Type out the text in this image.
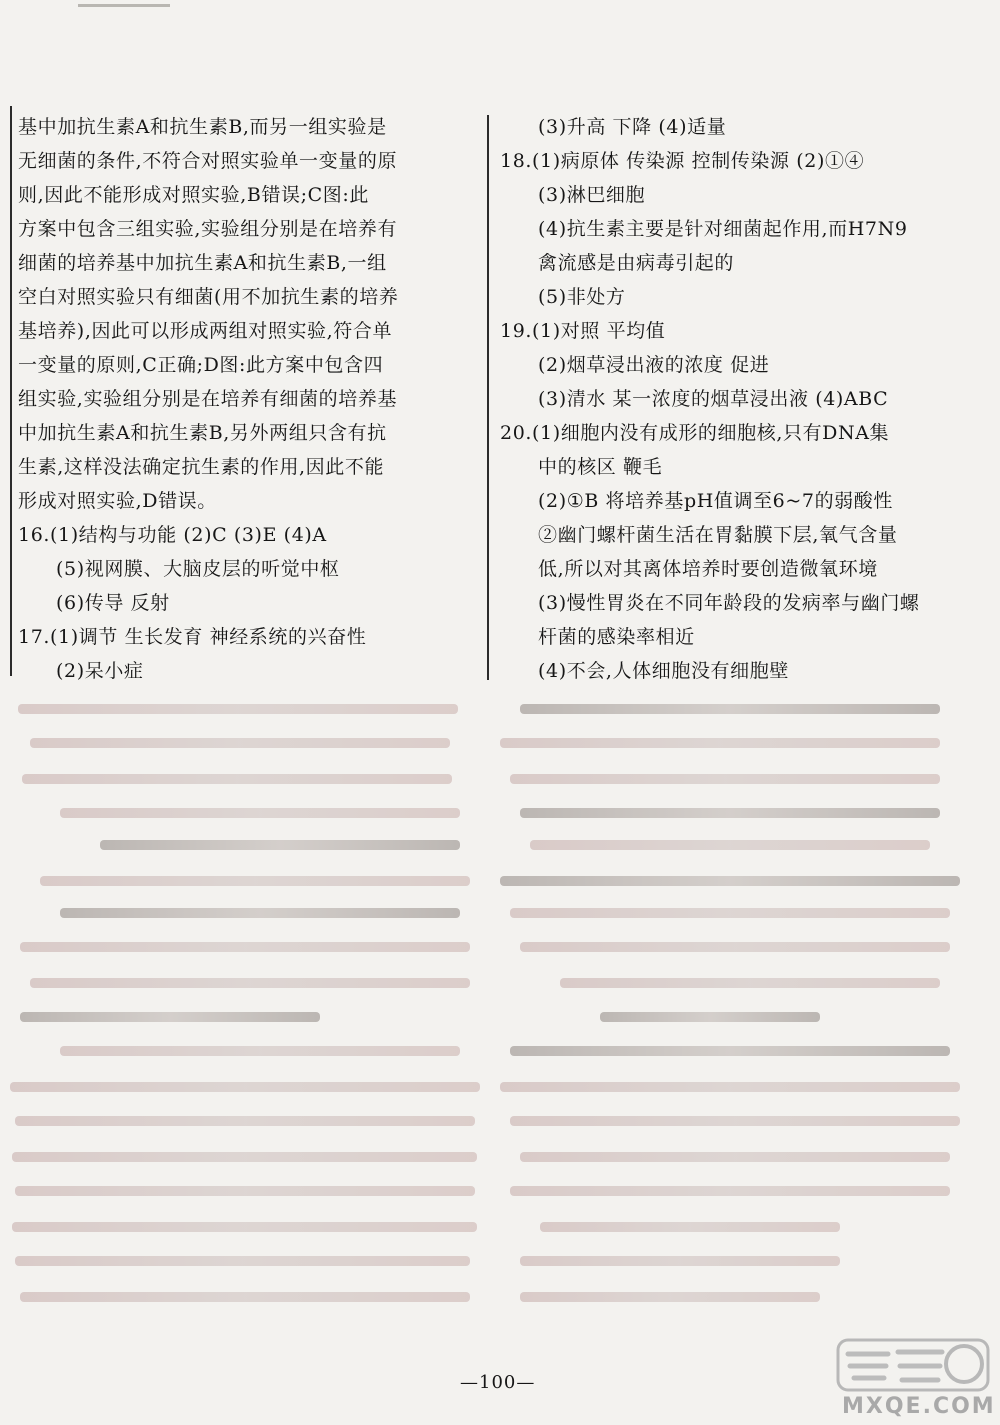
基中加抗生素A和抗生素B,而另一组实验是
无细菌的条件,不符合对照实验单一变量的原
则,因此不能形成对照实验,B错误;C图:此
方案中包含三组实验,实验组分别是在培养有
细菌的培养基中加抗生素A和抗生素B,一组
空白对照实验只有细菌(用不加抗生素的培养
基培养),因此可以形成两组对照实验,符合单
一变量的原则,C正确;D图:此方案中包含四
组实验,实验组分别是在培养有细菌的培养基
中加抗生素A和抗生素B,另外两组只含有抗
生素,这样没法确定抗生素的作用,因此不能
形成对照实验,D错误。
16.(1)结构与功能 (2)C (3)E (4)A
(5)视网膜、大脑皮层的听觉中枢
(6)传导 反射
17.(1)调节 生长发育 神经系统的兴奋性
(2)呆小症
(3)升高 下降 (4)适量
18.(1)病原体 传染源 控制传染源 (2)①④
(3)淋巴细胞
(4)抗生素主要是针对细菌起作用,而H7N9
禽流感是由病毒引起的
(5)非处方
19.(1)对照 平均值
(2)烟草浸出液的浓度 促进
(3)清水 某一浓度的烟草浸出液 (4)ABC
20.(1)细胞内没有成形的细胞核,只有DNA集
中的核区 鞭毛
(2)①B 将培养基pH值调至6~7的弱酸性
②幽门螺杆菌生活在胃黏膜下层,氧气含量
低,所以对其离体培养时要创造微氧环境
(3)慢性胃炎在不同年龄段的发病率与幽门螺
杆菌的感染率相近
(4)不会,人体细胞没有细胞壁
—100—
MXQE.COM
